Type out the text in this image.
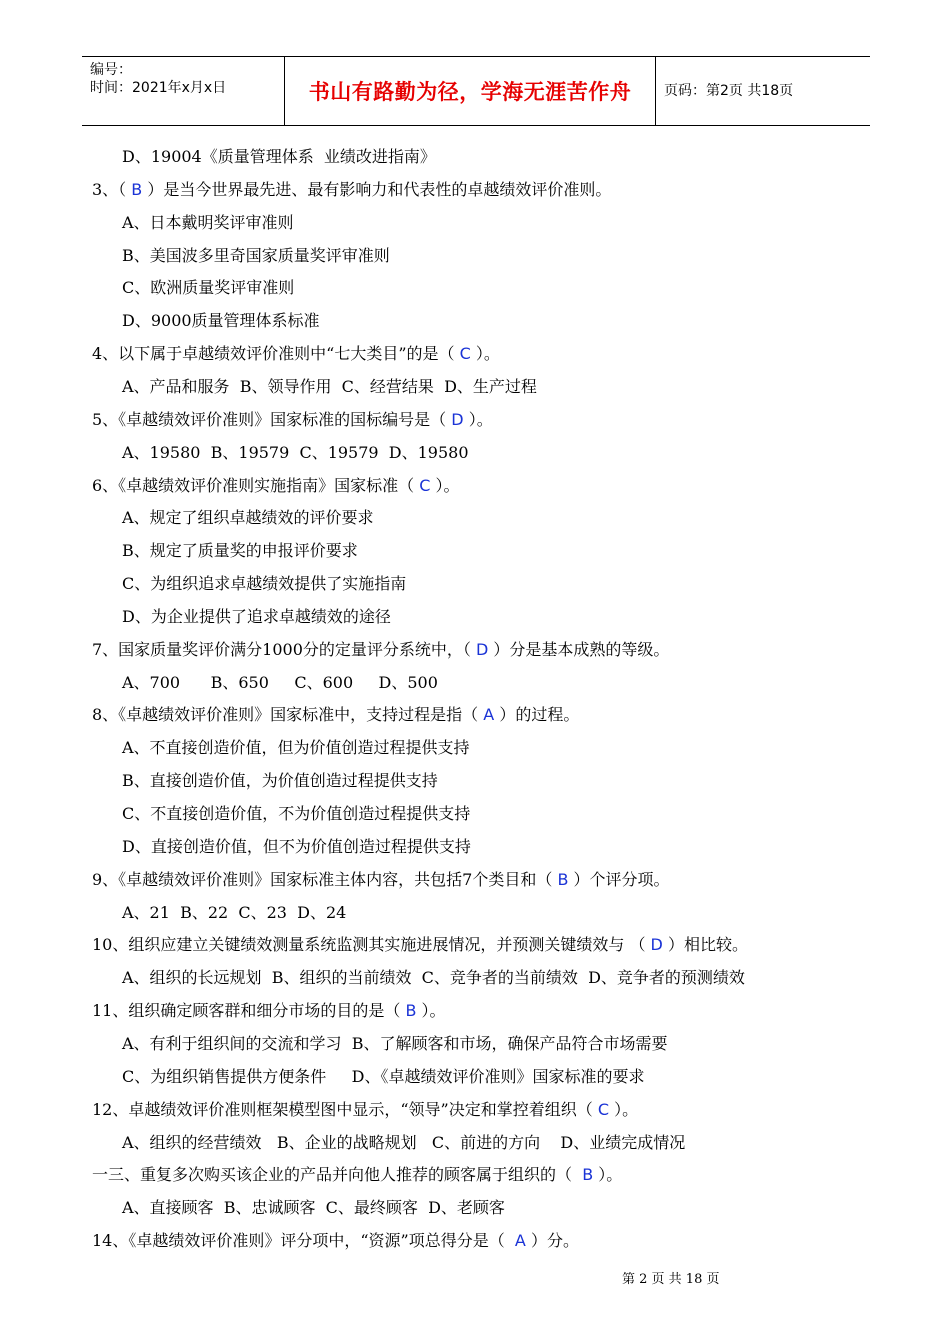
编号：
时间：2021年x月x日	书山有路勤为径，学海无涯苦作舟 页码：第2页 共18页
D、19004《质量管理体系  业绩改进指南》
3、（ B ）是当今世界最先进、最有影响力和代表性的卓越绩效评价准则。
A、日本戴明奖评审准则
B、美国波多里奇国家质量奖评审准则
C、欧洲质量奖评审准则
D、9000质量管理体系标准
4、以下属于卓越绩效评价准则中“七大类目”的是（ C ）。
A、产品和服务  B、领导作用  C、经营结果  D、生产过程
5、《卓越绩效评价准则》国家标准的国标编号是（ D ）。
A、19580  B、19579  C、19579  D、19580
6、《卓越绩效评价准则实施指南》国家标准（ C ）。
A、规定了组织卓越绩效的评价要求
B、规定了质量奖的申报评价要求
C、为组织追求卓越绩效提供了实施指南
D、为企业提供了追求卓越绩效的途径
7、国家质量奖评价满分1000分的定量评分系统中，（ D ）分是基本成熟的等级。
A、700      B、650     C、600     D、500
8、《卓越绩效评价准则》国家标准中，支持过程是指（ A ）的过程。
A、不直接创造价值，但为价值创造过程提供支持
B、直接创造价值，为价值创造过程提供支持
C、不直接创造价值，不为价值创造过程提供支持
D、直接创造价值，但不为价值创造过程提供支持
9、《卓越绩效评价准则》国家标准主体内容，共包括7个类目和（ B ）个评分项。
A、21  B、22  C、23  D、24
10、组织应建立关键绩效测量系统监测其实施进展情况，并预测关键绩效与 （ D ）相比较。
A、组织的长远规划  B、组织的当前绩效  C、竞争者的当前绩效  D、竞争者的预测绩效
11、组织确定顾客群和细分市场的目的是（ B ）。
A、有利于组织间的交流和学习  B、了解顾客和市场，确保产品符合市场需要
C、为组织销售提供方便条件     D、《卓越绩效评价准则》国家标准的要求
12、卓越绩效评价准则框架模型图中显示，“领导”决定和掌控着组织（ C ）。
A、组织的经营绩效   B、企业的战略规划   C、前进的方向    D、业绩完成情况
一三、重复多次购买该企业的产品并向他人推荐的顾客属于组织的（  B ）。
A、直接顾客  B、忠诚顾客  C、最终顾客  D、老顾客
14、《卓越绩效评价准则》评分项中，“资源”项总得分是（  A ）分。
第 2 页 共 18 页
